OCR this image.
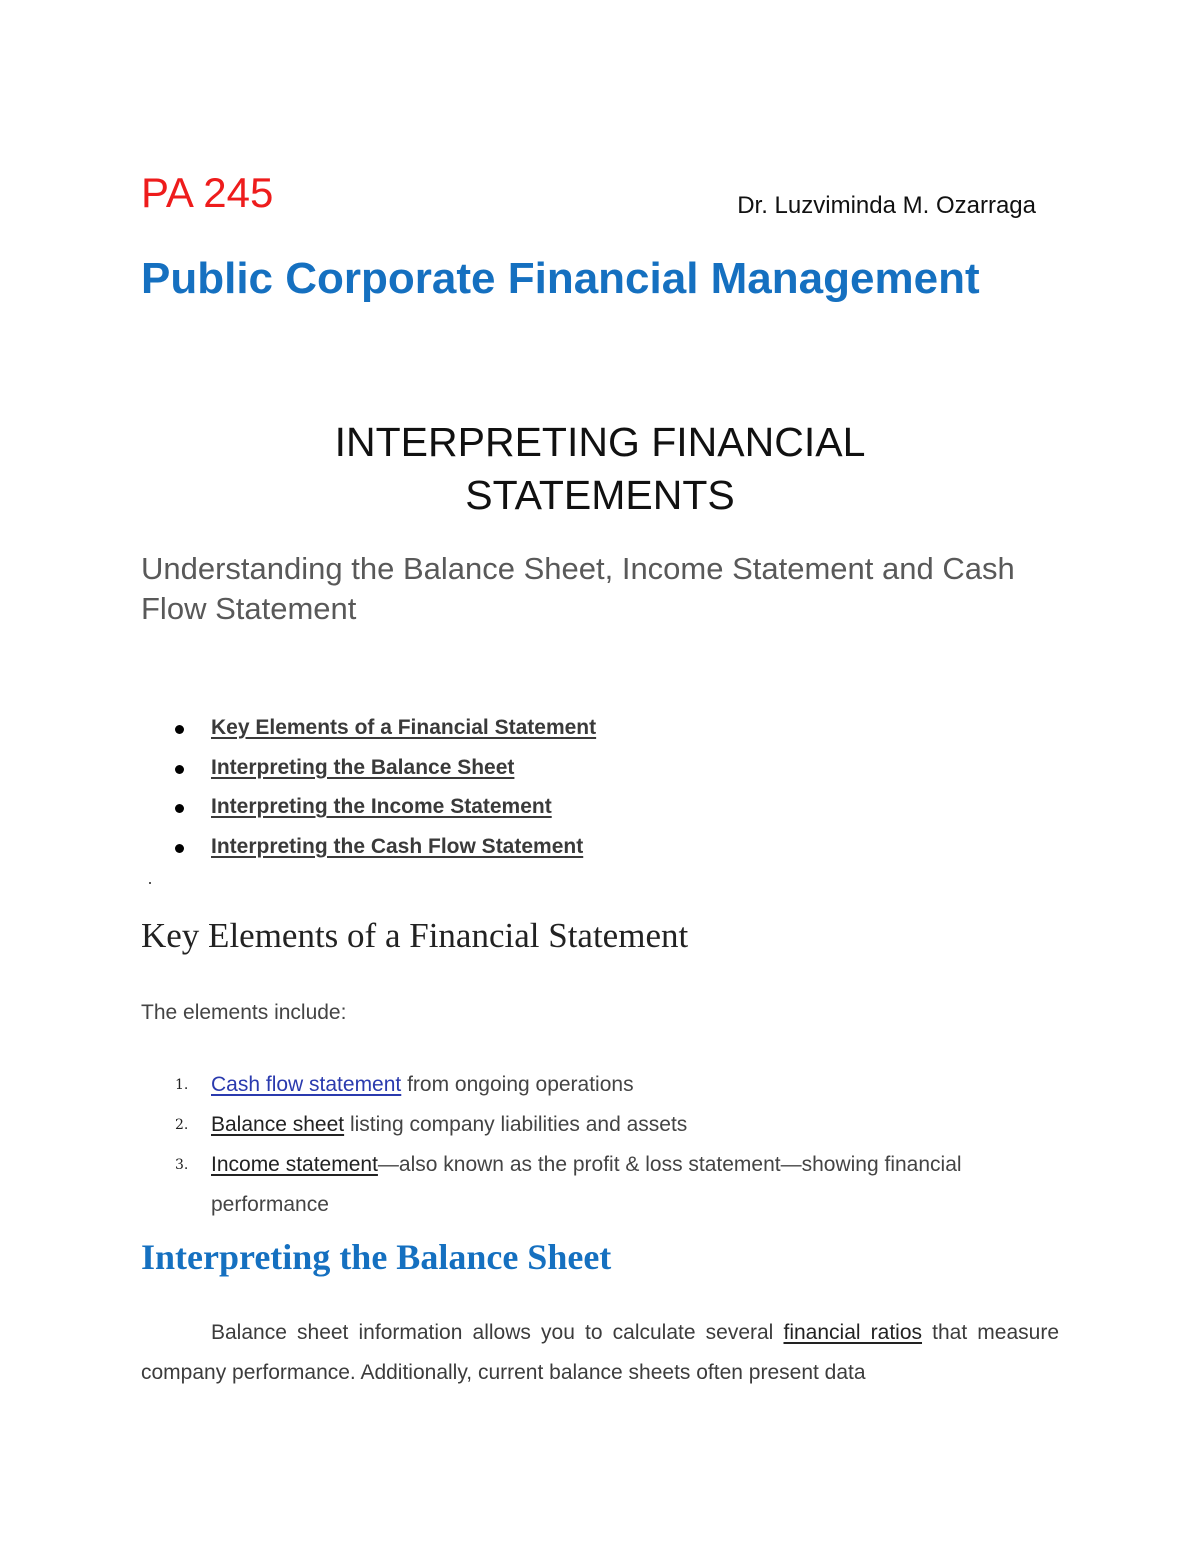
PA 245	Dr. Luzviminda M. Ozarraga
Public Corporate Financial Management
INTERPRETING FINANCIAL
STATEMENTS
Understanding the Balance Sheet, Income Statement and Cash Flow Statement
Key Elements of a Financial Statement
Interpreting the Balance Sheet
Interpreting the Income Statement
Interpreting the Cash Flow Statement
Key Elements of a Financial Statement
The elements include:
1. Cash flow statement from ongoing operations
2. Balance sheet listing company liabilities and assets
3. Income statement—also known as the profit & loss statement—showing financial performance
Interpreting the Balance Sheet

Balance sheet information allows you to calculate several financial ratios that measure company performance. Additionally, current balance sheets often present data
